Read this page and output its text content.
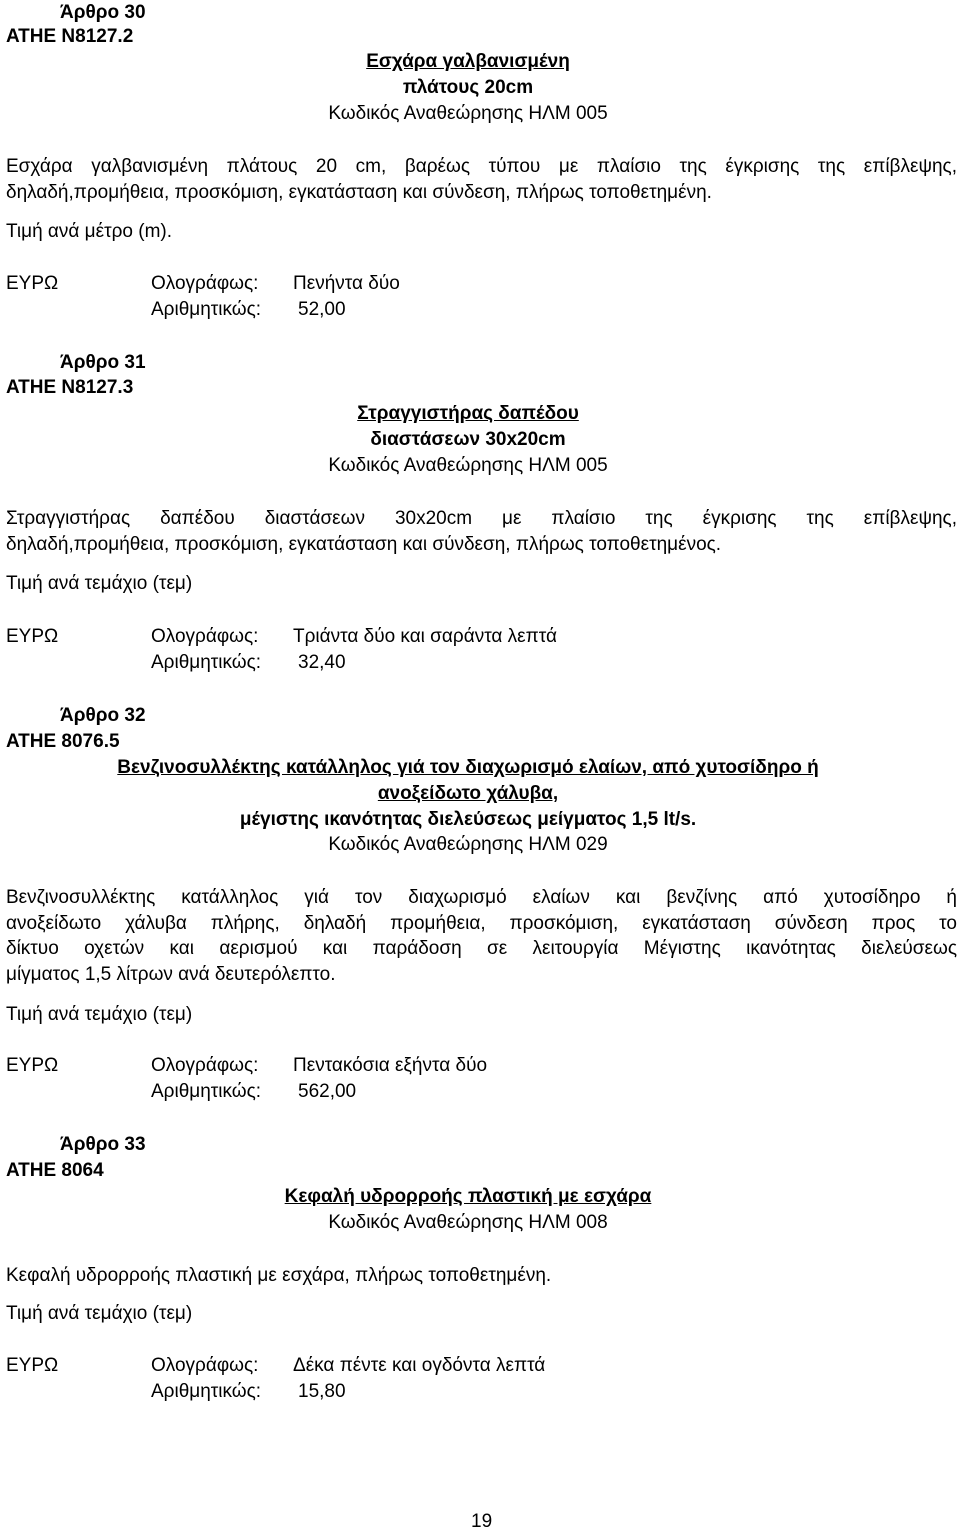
Άρθρο 30
ΑΤΗΕ Ν8127.2
Εσχάρα γαλβανισμένη
πλάτους 20cm
Κωδικός Αναθεώρησης ΗΛΜ 005
Εσχάρα γαλβανισμένη πλάτους 20 cm, βαρέως τύπου με πλαίσιο της έγκρισης της επίβλεψης,
δηλαδή,προμήθεια, προσκόμιση, εγκατάσταση και σύνδεση, πλήρως τοποθετημένη.
Τιμή ανά μέτρο (m).
ΕΥΡΩ	Ολογράφως: Πενήντα δύο
Αριθμητικώς: 52,00
Άρθρο 31
ΑΤΗΕ Ν8127.3
Στραγγιστήρας δαπέδου
διαστάσεων 30x20cm
Κωδικός Αναθεώρησης ΗΛΜ 005
Στραγγιστήρας δαπέδου διαστάσεων 30x20cm με πλαίσιο της έγκρισης της επίβλεψης,
δηλαδή,προμήθεια, προσκόμιση, εγκατάσταση και σύνδεση, πλήρως τοποθετημένος.
Τιμή ανά τεμάχιο (τεμ)
ΕΥΡΩ	Ολογράφως: Τριάντα δύο και σαράντα λεπτά
Αριθμητικώς: 32,40
Άρθρο 32
ΑΤΗΕ 8076.5
Βενζινοσυλλέκτης κατάλληλος γιά τον διαχωρισμό ελαίων, από χυτοσίδηρο ή
ανοξείδωτο χάλυβα,
μέγιστης ικανότητας διελεύσεως μείγματος 1,5 lt/s.
Κωδικός Αναθεώρησης ΗΛΜ 029
Βενζινοσυλλέκτης κατάλληλος γιά τον διαχωρισμό ελαίων και βενζίνης από χυτοσίδηρο ή
ανοξείδωτο χάλυβα πλήρης, δηλαδή προμήθεια, προσκόμιση, εγκατάσταση σύνδεση προς το
δίκτυο οχετών και αερισμού και παράδοση σε λειτουργία Μέγιστης ικανότητας διελεύσεως
μίγματος 1,5 λίτρων ανά δευτερόλεπτο.
Τιμή ανά τεμάχιο (τεμ)
ΕΥΡΩ	Ολογράφως: Πεντακόσια εξήντα δύο
Αριθμητικώς: 562,00
Άρθρο 33
ΑΤΗΕ 8064
Κεφαλή υδρορροής πλαστική με εσχάρα
Κωδικός Αναθεώρησης ΗΛΜ 008
Κεφαλή υδρορροής πλαστική με εσχάρα, πλήρως τοποθετημένη.
Τιμή ανά τεμάχιο (τεμ)
ΕΥΡΩ	Ολογράφως: Δέκα πέντε και ογδόντα λεπτά
Αριθμητικώς: 15,80
19
